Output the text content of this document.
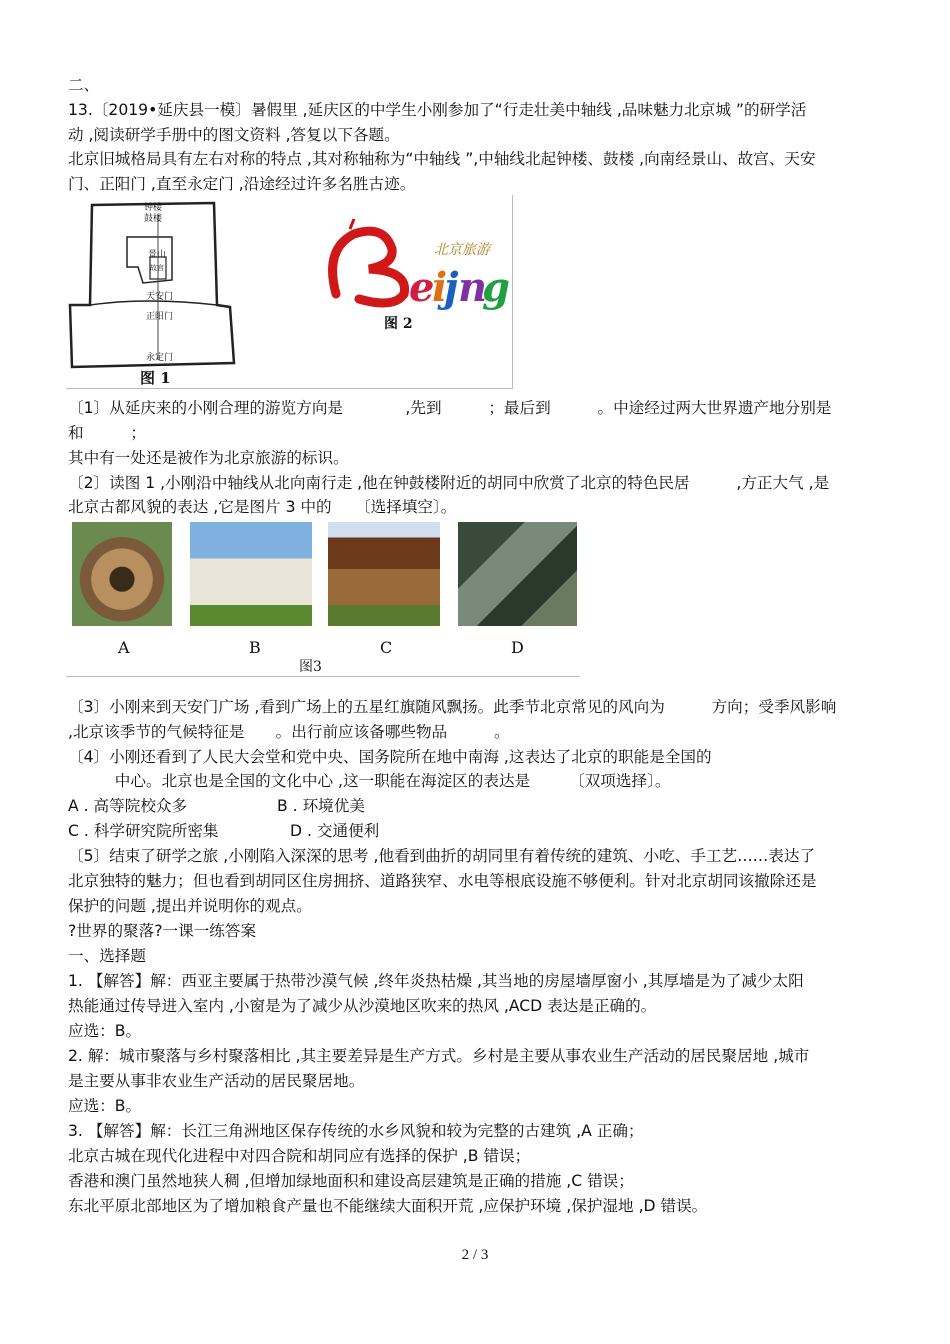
二、
13.〔2019•延庆县一模〕暑假里 ,延庆区的中学生小刚参加了“行走壮美中轴线 ,品味魅力北京城 ”的研学活
动 ,阅读研学手册中的图文资料 ,答复以下各题。
北京旧城格局具有左右对称的特点 ,其对称轴称为“中轴线 ”,中轴线北起钟楼、鼓楼 ,向南经景山、故宫、天安
门、正阳门 ,直至永定门 ,沿途经过许多名胜古迹。
钟楼
鼓楼
景山
故宫
天安门
正阳门
永定门
图 1
e
i
j n
g
北京旅游
图 2
〔1〕从延庆来的小刚合理的游览方向是　　　　,先到　　　；最后到　　　。中途经过两大世界遗产地分别是
和　　　；
其中有一处还是被作为北京旅游的标识。
〔2〕读图 1 ,小刚沿中轴线从北向南行走 ,他在钟鼓楼附近的胡同中欣赏了北京的特色民居　　　,方正大气 ,是
北京古都风貌的表达 ,它是图片 3 中的　　〔选择填空〕。
A	B	C	D
图3
〔3〕小刚来到天安门广场 ,看到广场上的五星红旗随风飘扬。此季节北京常见的风向为　　　方向；受季风影响
,北京该季节的气候特征是　　。出行前应该备哪些物品　　　。
〔4〕小刚还看到了人民大会堂和党中央、国务院所在地中南海 ,这表达了北京的职能是全国的
　　　中心。北京也是全国的文化中心 ,这一职能在海淀区的表达是　　　〔双项选择〕。
A . 高等院校众多	B . 环境优美
C . 科学研究院所密集	D . 交通便利
〔5〕结束了研学之旅 ,小刚陷入深深的思考 ,他看到曲折的胡同里有着传统的建筑、小吃、手工艺……表达了
北京独特的魅力；但也看到胡同区住房拥挤、道路狭窄、水电等根底设施不够便利。针对北京胡同该撤除还是
保护的问题 ,提出并说明你的观点。
?世界的聚落?一课一练答案
一、选择题
1. 【解答】解：西亚主要属于热带沙漠气候 ,终年炎热枯燥 ,其当地的房屋墙厚窗小 ,其厚墙是为了减少太阳
热能通过传导进入室内 ,小窗是为了减少从沙漠地区吹来的热风 ,ACD 表达是正确的。
应选：B。
2. 解：城市聚落与乡村聚落相比 ,其主要差异是生产方式。乡村是主要从事农业生产活动的居民聚居地 ,城市
是主要从事非农业生产活动的居民聚居地。
应选：B。
3. 【解答】解：长江三角洲地区保存传统的水乡风貌和较为完整的古建筑 ,A 正确；
北京古城在现代化进程中对四合院和胡同应有选择的保护 ,B 错误；
香港和澳门虽然地狭人稠 ,但增加绿地面积和建设高层建筑是正确的措施 ,C 错误；
东北平原北部地区为了增加粮食产量也不能继续大面积开荒 ,应保护环境 ,保护湿地 ,D 错误。
2 / 3
